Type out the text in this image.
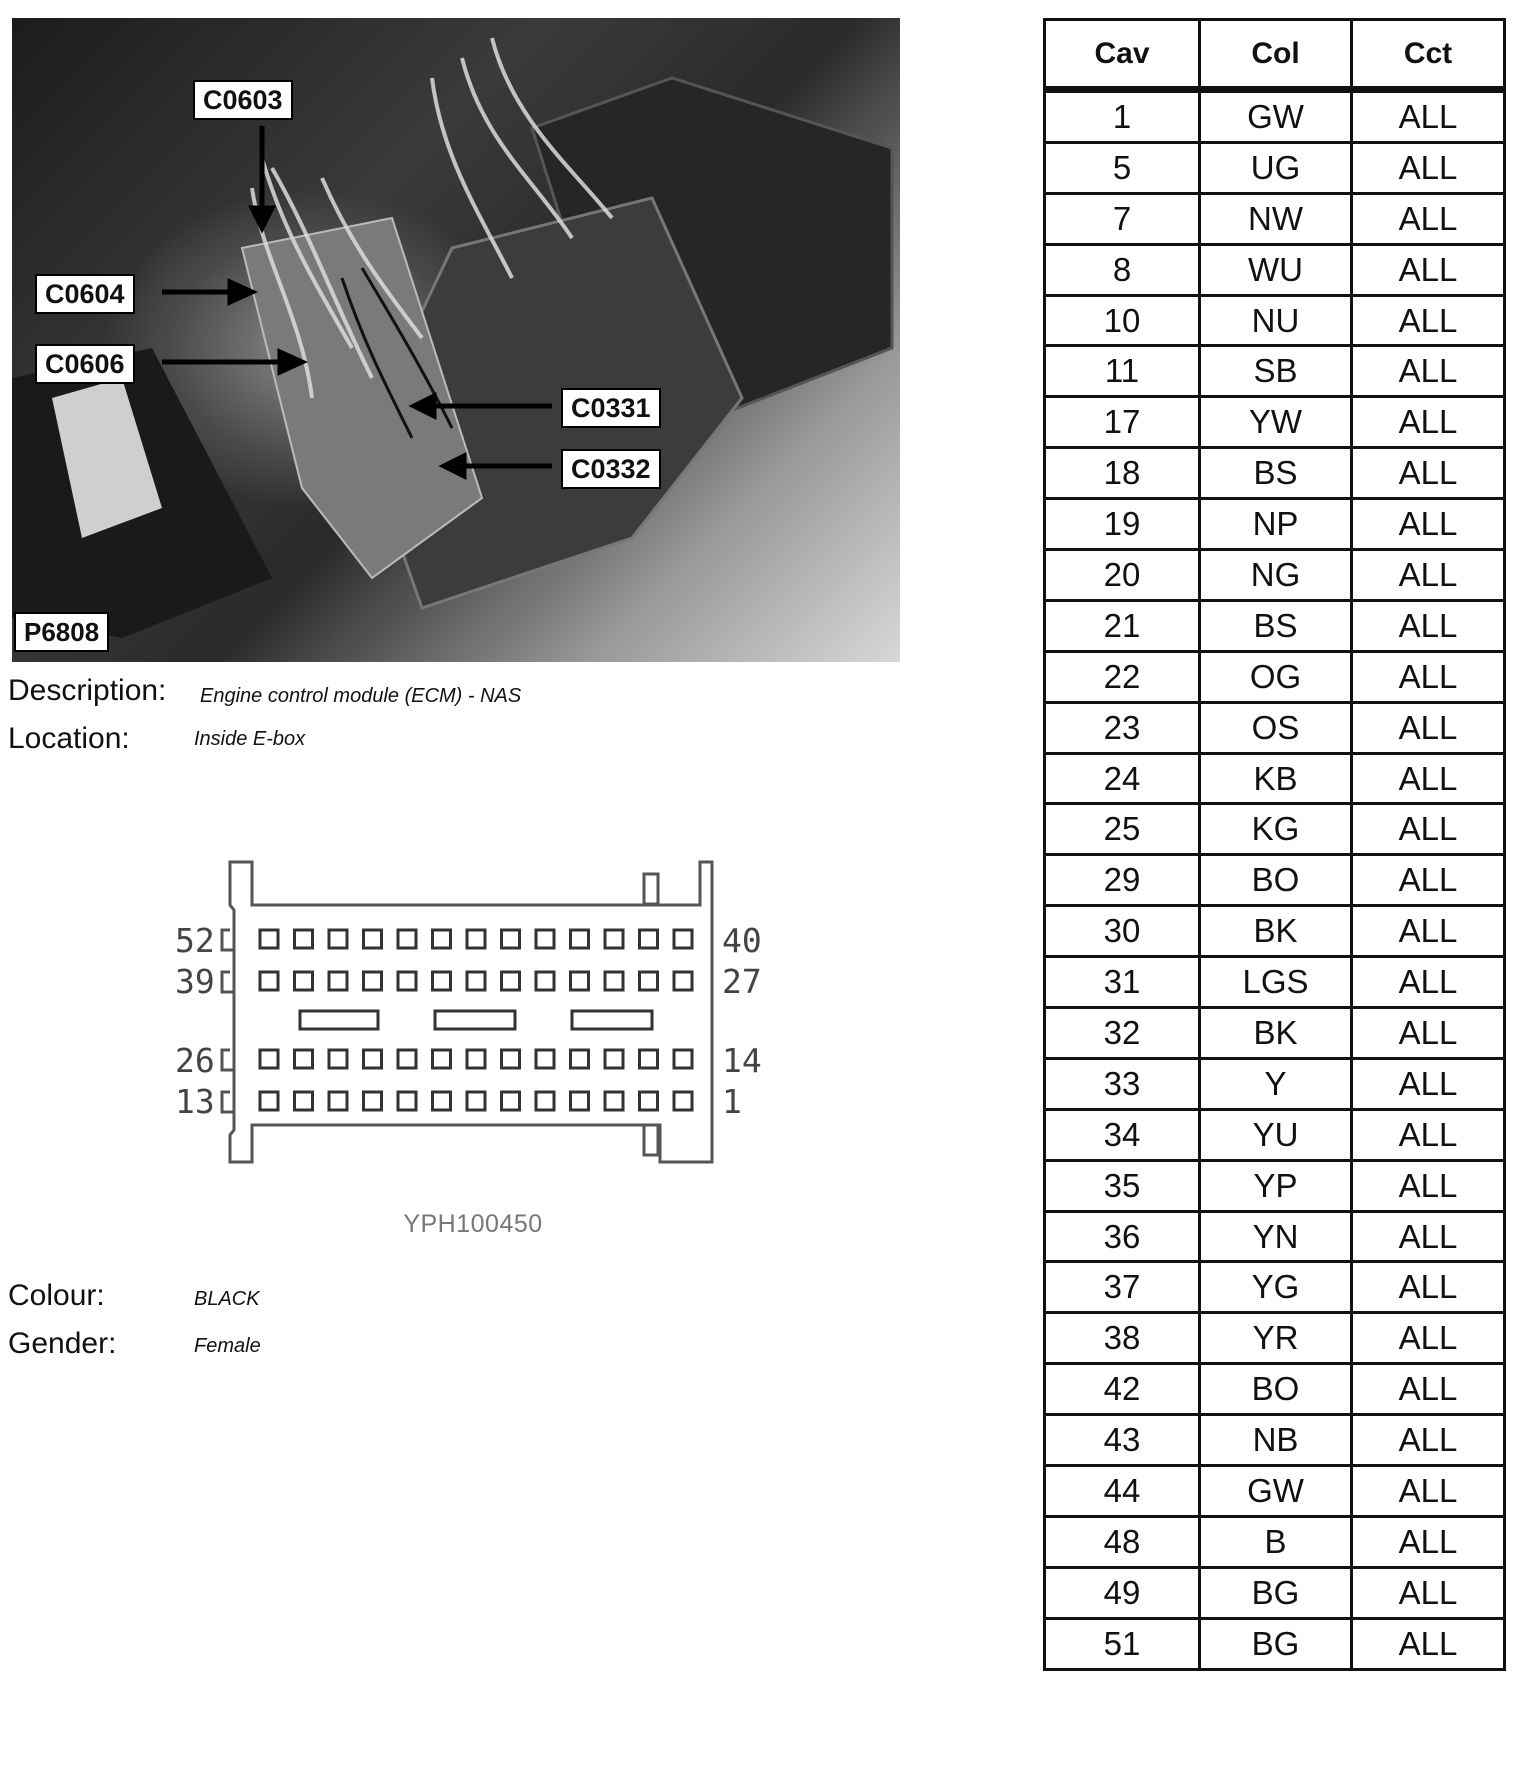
C0603
C0604
C0606
C0331
C0332
P6808
Description: Engine control module (ECM) - NAS
Location:	Inside E-box
52
39
26
13
40
27
14
1
YPH100450
Colour:	BLACK
Gender:	Female
Cav	Col	Cct
1	GW	ALL
5	UG	ALL
7	NW	ALL
8	WU	ALL
10	NU	ALL
11	SB	ALL
17	YW	ALL
18	BS	ALL
19	NP	ALL
20	NG	ALL
21	BS	ALL
22	OG	ALL
23	OS	ALL
24	KB	ALL
25	KG	ALL
29	BO	ALL
30	BK	ALL
31	LGS	ALL
32	BK	ALL
33	Y	ALL
34	YU	ALL
35	YP	ALL
36	YN	ALL
37	YG	ALL
38	YR	ALL
42	BO	ALL
43	NB	ALL
44	GW	ALL
48	B	ALL
49	BG	ALL
51	BG	ALL
